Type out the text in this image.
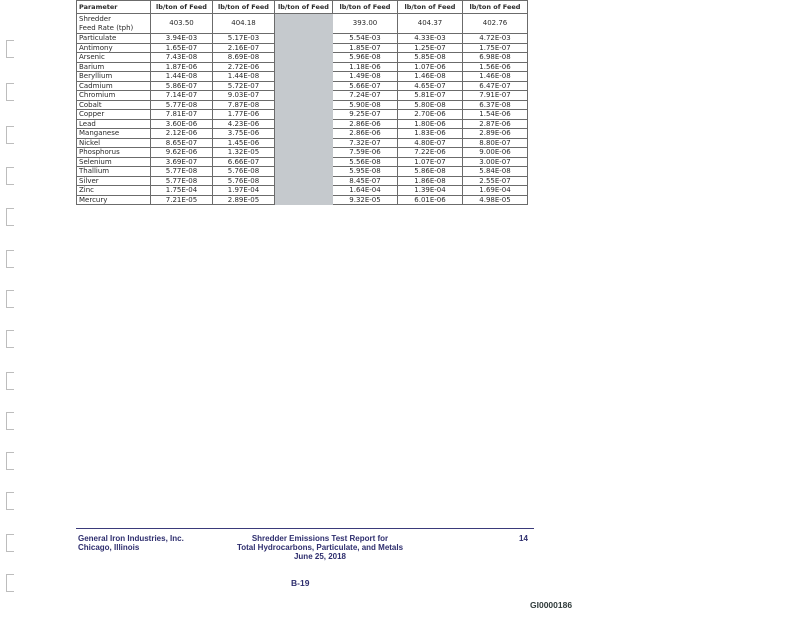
Parameter	lb/ton of Feed	lb/ton of Feed	lb/ton of Feed	lb/ton of Feed	lb/ton of Feed	lb/ton of Feed
Shredder
Feed Rate (tph)	403.50	404.18		393.00	404.37	402.76
Particulate	3.94E-03	5.17E-03		5.54E-03	4.33E-03	4.72E-03
Antimony	1.65E-07	2.16E-07		1.85E-07	1.25E-07	1.75E-07
Arsenic	7.43E-08	8.69E-08		5.96E-08	5.85E-08	6.98E-08
Barium	1.87E-06	2.72E-06		1.18E-06	1.07E-06	1.56E-06
Beryllium	1.44E-08	1.44E-08		1.49E-08	1.46E-08	1.46E-08
Cadmium	5.86E-07	5.72E-07		5.66E-07	4.65E-07	6.47E-07
Chromium	7.14E-07	9.03E-07		7.24E-07	5.81E-07	7.91E-07
Cobalt	5.77E-08	7.87E-08		5.90E-08	5.80E-08	6.37E-08
Copper	7.81E-07	1.77E-06		9.25E-07	2.70E-06	1.54E-06
Lead	3.60E-06	4.23E-06		2.86E-06	1.80E-06	2.87E-06
Manganese	2.12E-06	3.75E-06		2.86E-06	1.83E-06	2.89E-06
Nickel	8.65E-07	1.45E-06		7.32E-07	4.80E-07	8.80E-07
Phosphorus	9.62E-06	1.32E-05		7.59E-06	7.22E-06	9.00E-06
Selenium	3.69E-07	6.66E-07		5.56E-08	1.07E-07	3.00E-07
Thallium	5.77E-08	5.76E-08		5.95E-08	5.86E-08	5.84E-08
Silver	5.77E-08	5.76E-08		8.45E-07	1.86E-08	2.55E-07
Zinc	1.75E-04	1.97E-04		1.64E-04	1.39E-04	1.69E-04
Mercury	7.21E-05	2.89E-05		9.32E-05	6.01E-06	4.98E-05
General Iron Industries, Inc.
Chicago, Illinois
Shredder Emissions Test Report for
Total Hydrocarbons, Particulate, and Metals
June 25, 2018
14
B-19
GI0000186
